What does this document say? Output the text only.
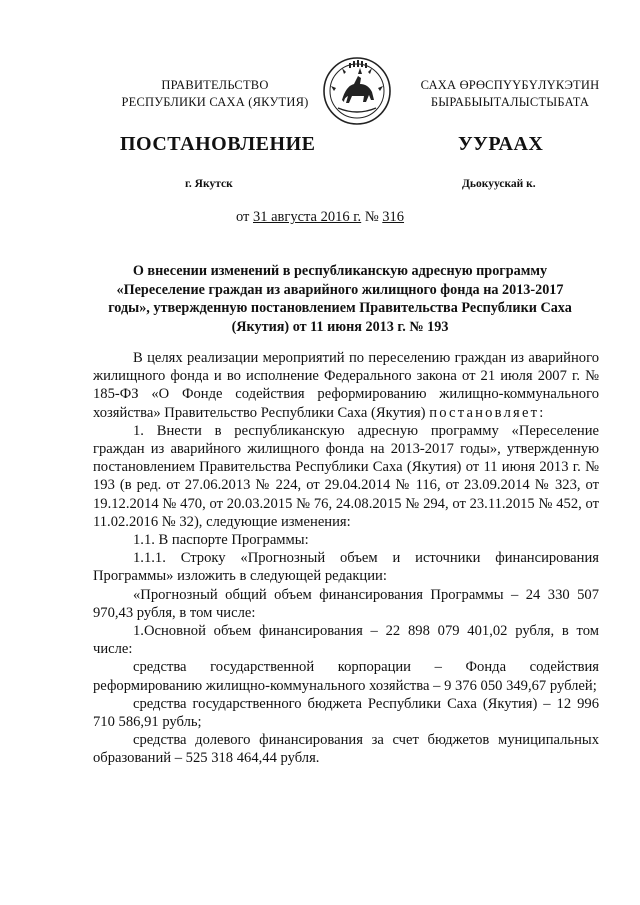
ПРАВИТЕЛЬСТВО
РЕСПУБЛИКИ САХА (ЯКУТИЯ)
САХА ӨРӨСПҮҮБҮЛҮКЭТИН
БЫРАБЫЫТАЛЫСТЫБАТА
ПОСТАНОВЛЕНИЕ	УУРААХ
г. Якутск	Дьокуускай к.
от 31 августа 2016 г. № 316
О внесении изменений в республиканскую адресную программу «Переселение граждан из аварийного жилищного фонда на 2013-2017 годы», утвержденную постановлением Правительства Республики Саха (Якутия) от 11 июня 2013 г. № 193

В целях реализации мероприятий по переселению граждан из аварийного жилищного фонда и во исполнение Федерального закона от 21 июля 2007 г. № 185-ФЗ «О Фонде содействия реформированию жилищно-коммунального хозяйства» Правительство Республики Саха (Якутия) постановляет:

1. Внести в республиканскую адресную программу «Переселение граждан из аварийного жилищного фонда на 2013-2017 годы», утвержденную постановлением Правительства Республики Саха (Якутия) от 11 июня 2013 г. № 193 (в ред. от 27.06.2013 № 224, от 29.04.2014 № 116, от 23.09.2014 № 323, от 19.12.2014 № 470, от 20.03.2015 № 76, 24.08.2015 № 294, от 23.11.2015 № 452, от 11.02.2016 № 32), следующие изменения:

1.1. В паспорте Программы:

1.1.1. Строку «Прогнозный объем и источники финансирования Программы» изложить в следующей редакции:

«Прогнозный общий объем финансирования Программы – 24 330 507 970,43 рубля, в том числе:

1.Основной объем финансирования – 22 898 079 401,02 рубля, в том числе:

средства государственной корпорации – Фонда содействия реформированию жилищно-коммунального хозяйства – 9 376 050 349,67 рублей;

средства государственного бюджета Республики Саха (Якутия) – 12 996 710 586,91 рубль;

средства долевого финансирования за счет бюджетов муниципальных образований – 525 318 464,44 рубля.
